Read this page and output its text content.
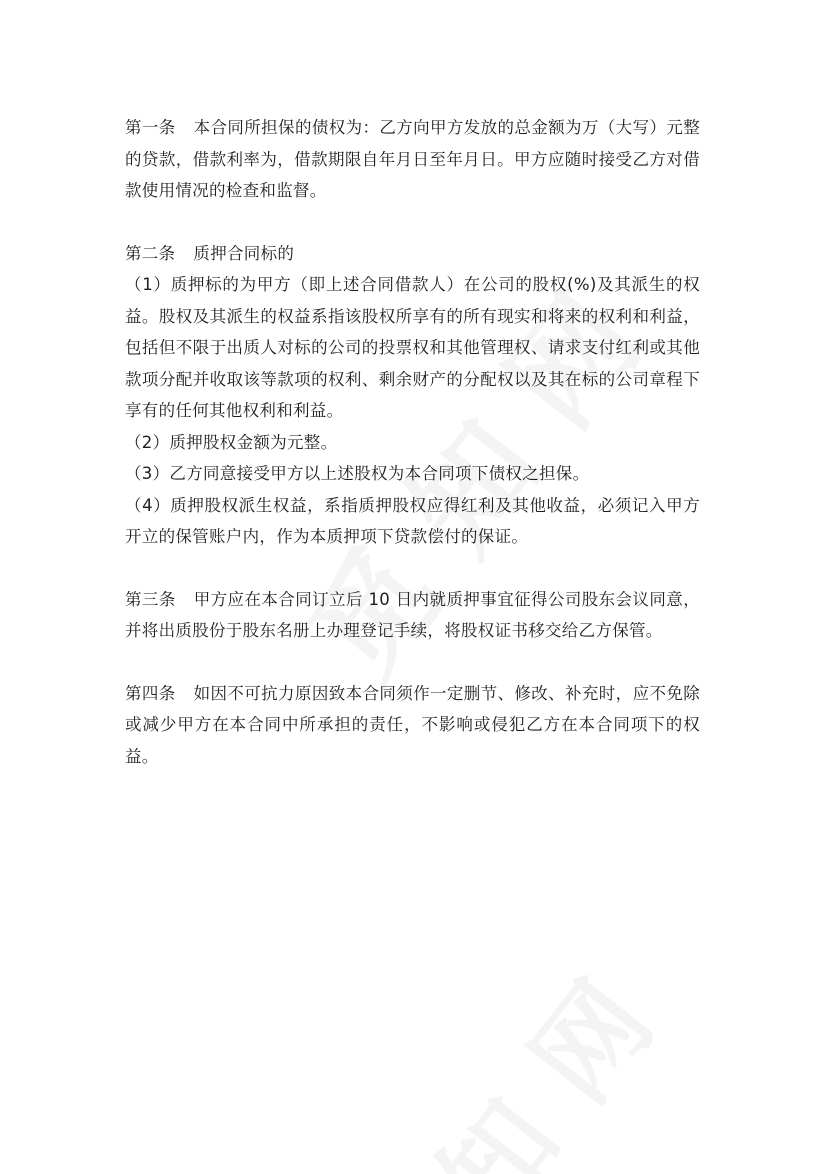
第一条 本合同所担保的债权为：乙方向甲方发放的总金额为万（大写）元整的贷款，借款利率为，借款期限自年月日至年月日。甲方应随时接受乙方对借款使用情况的检查和监督。

第二条 质押合同标的

（1）质押标的为甲方（即上述合同借款人）在公司的股权(%)及其派生的权益。股权及其派生的权益系指该股权所享有的所有现实和将来的权利和利益，包括但不限于出质人对标的公司的投票权和其他管理权、请求支付红利或其他款项分配并收取该等款项的权利、剩余财产的分配权以及其在标的公司章程下享有的任何其他权利和利益。

（2）质押股权金额为元整。

（3）乙方同意接受甲方以上述股权为本合同项下债权之担保。

（4）质押股权派生权益，系指质押股权应得红利及其他收益，必须记入甲方开立的保管账户内，作为本质押项下贷款偿付的保证。

第三条 甲方应在本合同订立后 10 日内就质押事宜征得公司股东会议同意，并将出质股份于股东名册上办理登记手续，将股权证书移交给乙方保管。

第四条 如因不可抗力原因致本合同须作一定删节、修改、补充时，应不免除或减少甲方在本合同中所承担的责任，不影响或侵犯乙方在本合同项下的权益。
